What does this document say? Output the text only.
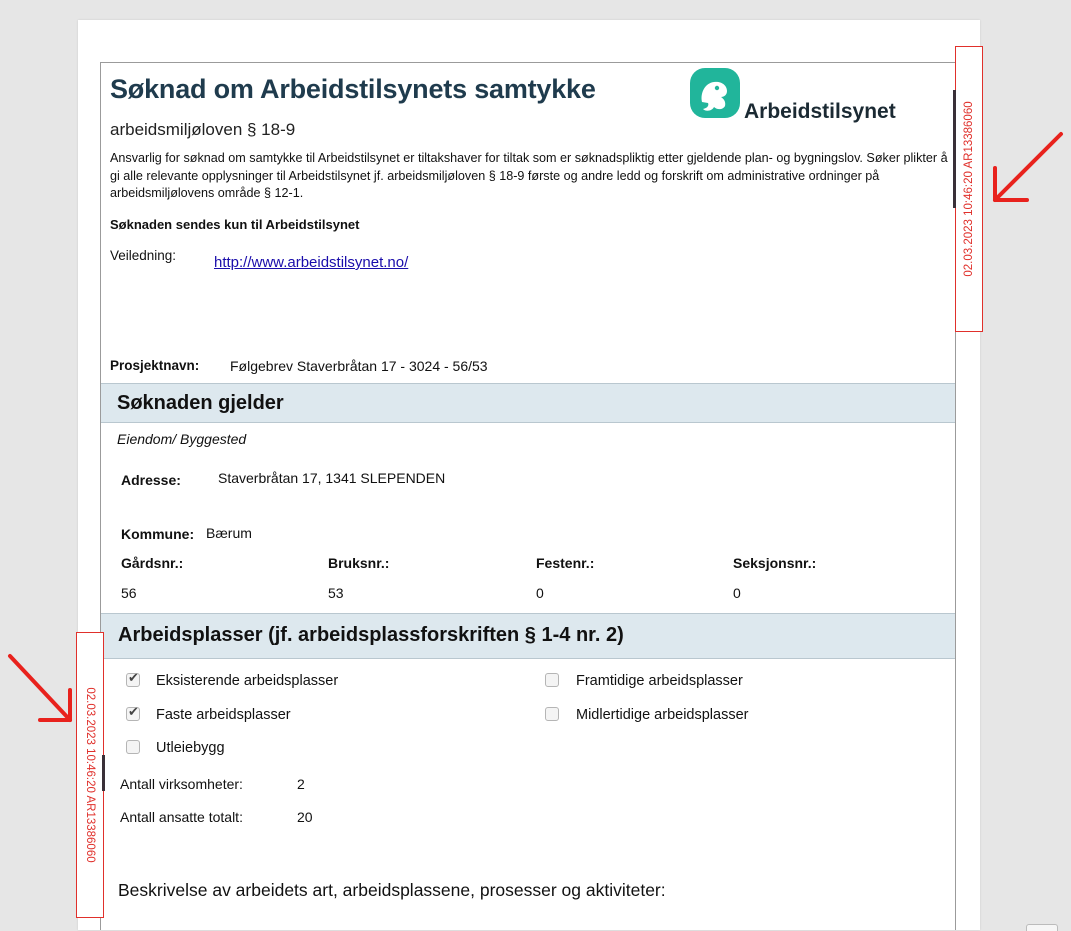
Søknad om Arbeidstilsynets samtykke
arbeidsmiljøloven § 18-9
Arbeidstilsynet
Ansvarlig for søknad om samtykke til Arbeidstilsynet er tiltakshaver for tiltak som er søknadspliktig etter gjeldende plan- og bygningslov. Søker plikter å gi alle relevante opplysninger til Arbeidstilsynet jf. arbeidsmiljøloven § 18-9 første og andre ledd og forskrift om administrative ordninger på arbeidsmiljølovens område § 12-1.
Søknaden sendes kun til Arbeidstilsynet
Veiledning:	http://www.arbeidstilsynet.no/
Prosjektnavn: Følgebrev Staverbråtan 17 - 3024 - 56/53
Søknaden gjelder
Eiendom/ Byggested
Adresse:	Staverbråtan 17, 1341 SLEPENDEN
Kommune: Bærum
Gårdsnr.:	Bruksnr.:	Festenr.:	Seksjonsnr.:
56	53	0	0
Arbeidsplasser (jf. arbeidsplassforskriften § 1-4 nr. 2)
✔ Eksisterende arbeidsplasser	Framtidige arbeidsplasser
✔ Faste arbeidsplasser	Midlertidige arbeidsplasser
Utleiebygg
Antall virksomheter:	2
Antall ansatte totalt:	20
Beskrivelse av arbeidets art, arbeidsplassene, prosesser og aktiviteter:
02.03.2023 10:46:20 AR13386060
02.03.2023 10:46:20 AR13386060
